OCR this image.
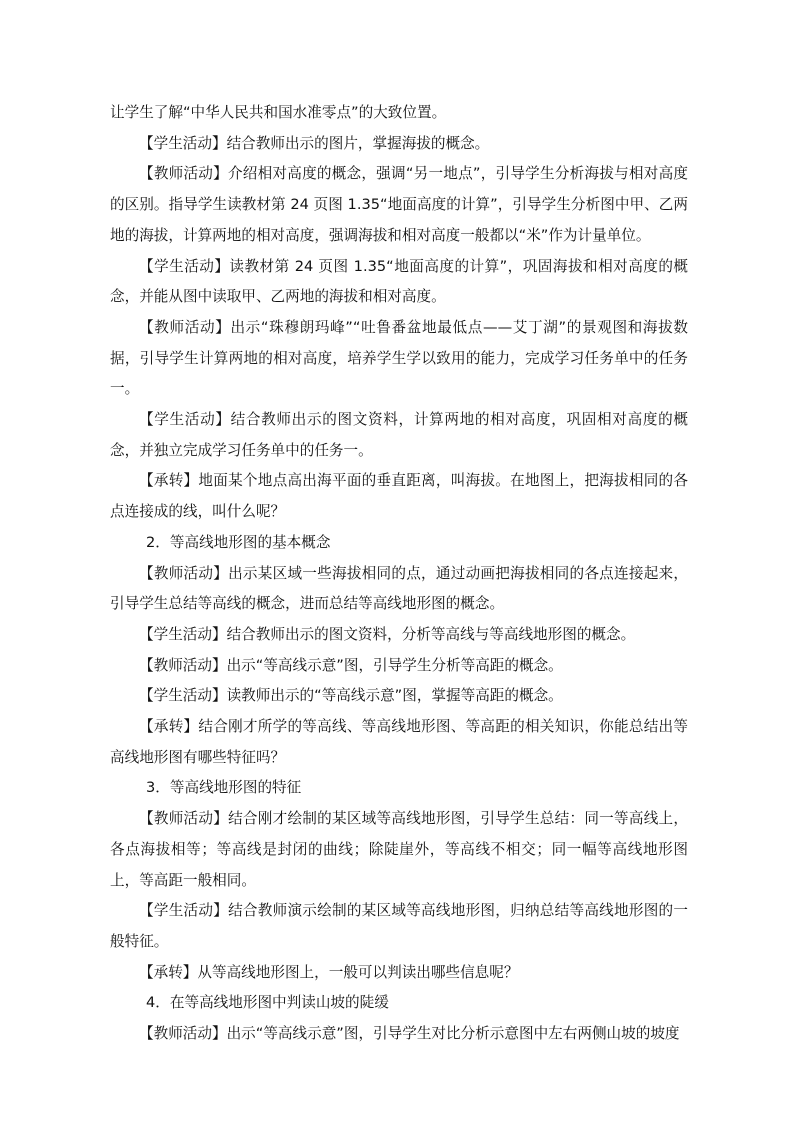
让学生了解“中华人民共和国水准零点”的大致位置。

【学生活动】结合教师出示的图片，掌握海拔的概念。

【教师活动】介绍相对高度的概念，强调“另一地点”，引导学生分析海拔与相对高度的区别。指导学生读教材第 24 页图 1.35“地面高度的计算”，引导学生分析图中甲、乙两地的海拔，计算两地的相对高度，强调海拔和相对高度一般都以“米”作为计量单位。

【学生活动】读教材第 24 页图 1.35“地面高度的计算”，巩固海拔和相对高度的概念，并能从图中读取甲、乙两地的海拔和相对高度。

【教师活动】出示“珠穆朗玛峰”“吐鲁番盆地最低点——艾丁湖”的景观图和海拔数据，引导学生计算两地的相对高度，培养学生学以致用的能力，完成学习任务单中的任务一。

【学生活动】结合教师出示的图文资料，计算两地的相对高度，巩固相对高度的概念，并独立完成学习任务单中的任务一。

【承转】地面某个地点高出海平面的垂直距离，叫海拔。在地图上，把海拔相同的各点连接成的线，叫什么呢？

2．等高线地形图的基本概念

【教师活动】出示某区域一些海拔相同的点，通过动画把海拔相同的各点连接起来，引导学生总结等高线的概念，进而总结等高线地形图的概念。

【学生活动】结合教师出示的图文资料，分析等高线与等高线地形图的概念。

【教师活动】出示“等高线示意”图，引导学生分析等高距的概念。

【学生活动】读教师出示的“等高线示意”图，掌握等高距的概念。

【承转】结合刚才所学的等高线、等高线地形图、等高距的相关知识，你能总结出等高线地形图有哪些特征吗？

3．等高线地形图的特征

【教师活动】结合刚才绘制的某区域等高线地形图，引导学生总结：同一等高线上，各点海拔相等；等高线是封闭的曲线；除陡崖外，等高线不相交；同一幅等高线地形图上，等高距一般相同。

【学生活动】结合教师演示绘制的某区域等高线地形图，归纳总结等高线地形图的一般特征。

【承转】从等高线地形图上，一般可以判读出哪些信息呢？

4．在等高线地形图中判读山坡的陡缓

【教师活动】出示“等高线示意”图，引导学生对比分析示意图中左右两侧山坡的坡度
